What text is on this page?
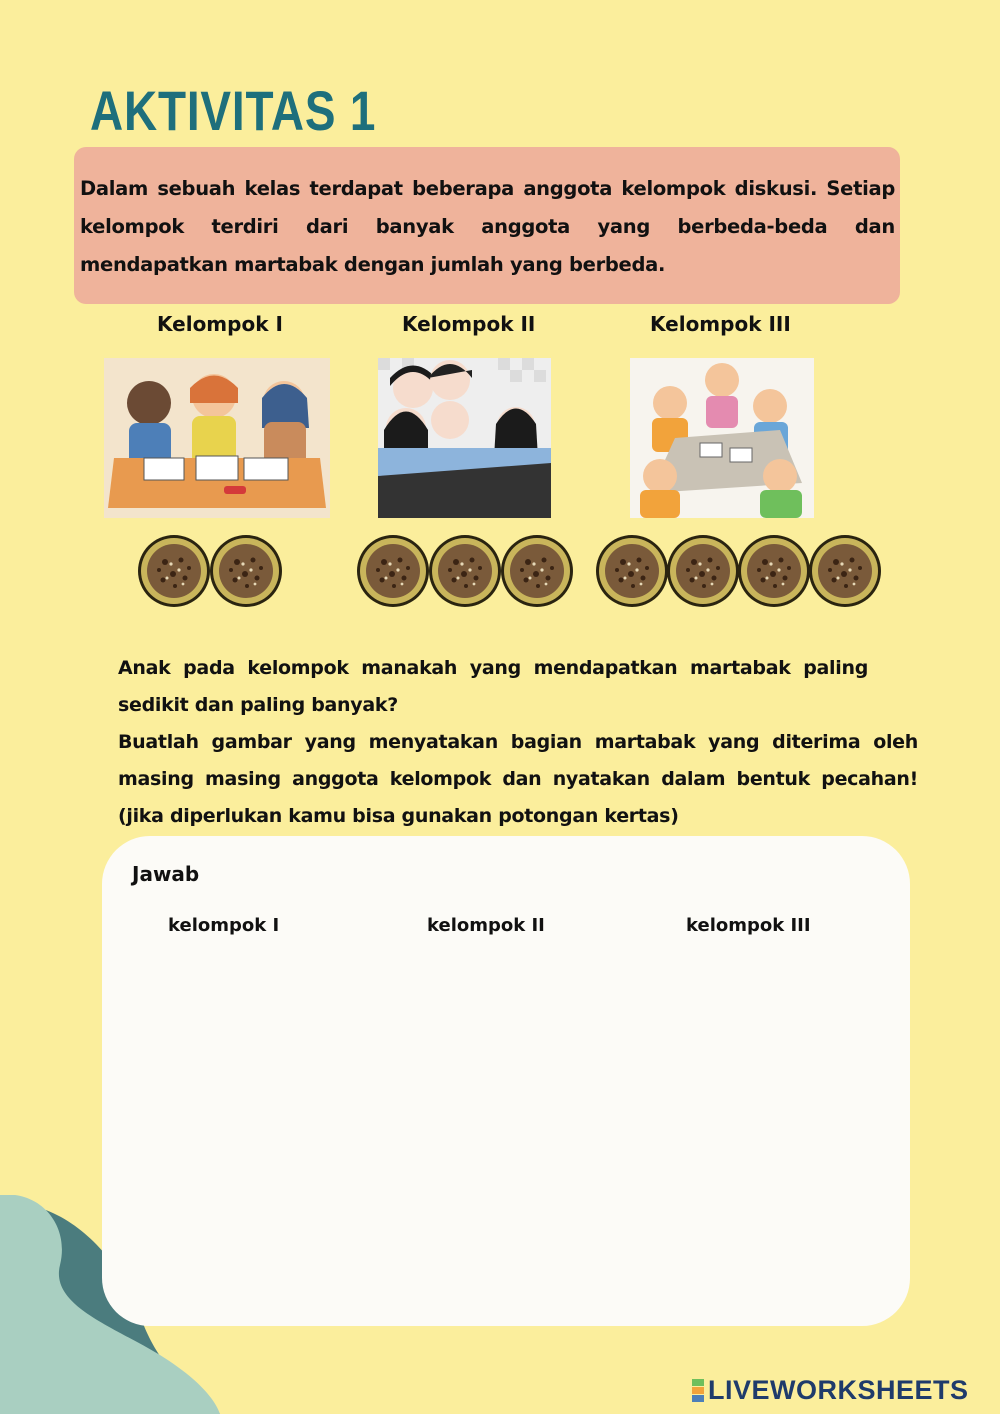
AKTIVITAS 1
Dalam sebuah kelas terdapat beberapa anggota kelompok diskusi. Setiap kelompok terdiri dari banyak anggota yang berbeda-beda dan mendapatkan martabak dengan jumlah yang berbeda.
Kelompok I	Kelompok II	Kelompok III
Anak pada kelompok manakah yang mendapatkan martabak paling sedikit dan paling banyak?
Buatlah gambar yang menyatakan bagian martabak yang diterima oleh masing masing anggota kelompok dan nyatakan dalam bentuk pecahan! (jika diperlukan kamu bisa gunakan potongan kertas)
Jawab
kelompok I	kelompok II	kelompok III
LIVEWORKSHEETS
